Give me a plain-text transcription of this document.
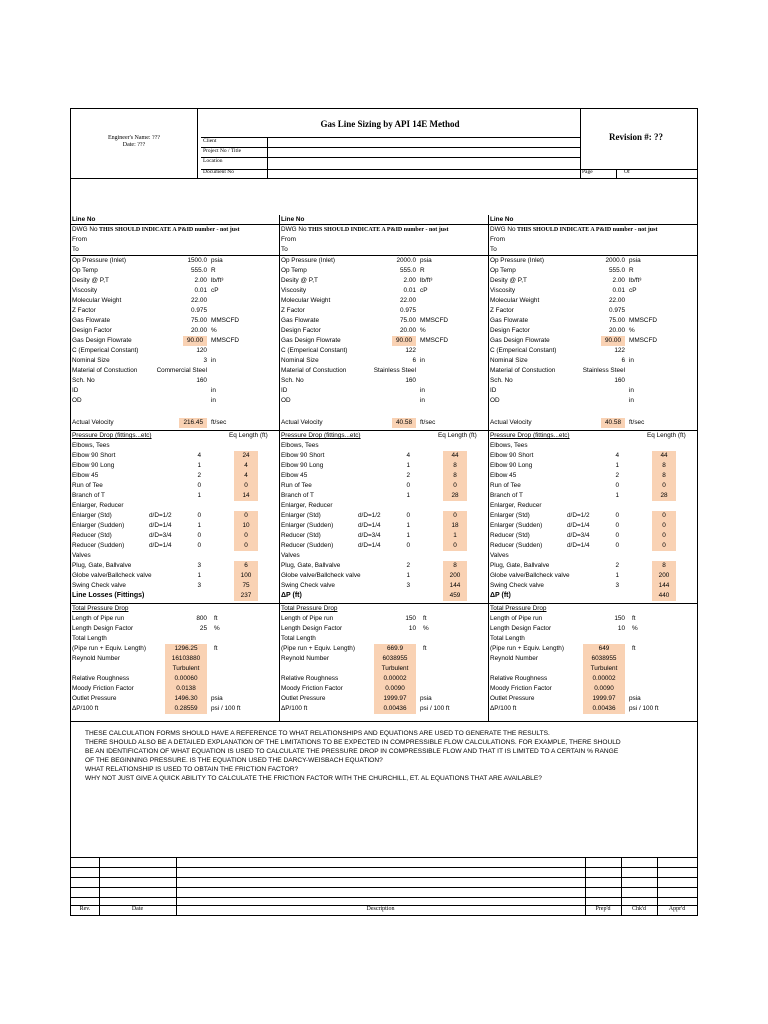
Engineer's Name: ???
Date: ???
Gas Line Sizing by API 14E Method
Revision #: ??
Client
Project No / Title
Location
Document No	Page	Of
Line No
DWG No THIS SHOULD INDICATE A P&ID number - not just
From
To
Op Pressure (Inlet)	1500.0 psia
Op Temp	555.0 R
Desity @ P,T	2.00 lb/ft³
Viscosity	0.01 cP
Molecular Weight	22.00
Z Factor	0.975
Gas Flowrate	75.00 MMSCFD
Design Factor	20.00 %
Gas Design Flowrate	90.00	MMSCFD
C (Emperical Constant)	120
Nominal Size	3 in
Material of Constuction	Commercial Steel
Sch. No	160
ID	in
OD	in
Actual Velocity	216.45	ft/sec
Pressure Drop (fittings...etc)	Eq Length (ft)
Elbows, Tees
Elbow 90 Short	4	24
Elbow 90 Long	1	4
Elbow 45	2	4
Run of Tee	0	0
Branch of T	1	14
Enlarger, Reducer
Enlarger (Std)	d/D=1/2	0	0
Enlarger (Sudden)	d/D=1/4	1	10
Reducer (Std)	d/D=3/4	0	0
Reducer (Sudden)	d/D=1/4	0	0
Valves
Plug, Gate, Ballvalve	3	6
Globe valve/Ballcheck valve	1	100
Swing Check valve	3	75
Line Losses (Fittings)	237
Total Pressure Drop
Length of Pipe run	800 ft
Length Design Factor	25 %
Total Length
(Pipe run + Equiv. Length)	1296.25	ft
Reynold Number	16103880
Turbulent
Relative Roughness	0.00060
Moody Friction Factor	0.0138
Outlet Pressure	1496.30	psia
ΔP/100 ft	0.28559	psi / 100 ft
Line No
DWG No THIS SHOULD INDICATE A P&ID number - not just
From
To
Op Pressure (Inlet)	2000.0 psia
Op Temp	555.0 R
Desity @ P,T	2.00 lb/ft³
Viscosity	0.01 cP
Molecular Weight	22.00
Z Factor	0.975
Gas Flowrate	75.00 MMSCFD
Design Factor	20.00 %
Gas Design Flowrate	90.00	MMSCFD
C (Emperical Constant)	122
Nominal Size	6 in
Material of Constuction	Stainless Steel
Sch. No	160
ID	in
OD	in
Actual Velocity	40.58	ft/sec
Pressure Drop (fittings...etc)	Eq Length (ft)
Elbows, Tees
Elbow 90 Short	4	44
Elbow 90 Long	1	8
Elbow 45	2	8
Run of Tee	0	0
Branch of T	1	28
Enlarger, Reducer
Enlarger (Std)	d/D=1/2	0	0
Enlarger (Sudden)	d/D=1/4	1	18
Reducer (Std)	d/D=3/4	1	1
Reducer (Sudden)	d/D=1/4	0	0
Valves
Plug, Gate, Ballvalve	2	8
Globe valve/Ballcheck valve	1	200
Swing Check valve	3	144
ΔP (ft)	459
Total Pressure Drop
Length of Pipe run	150 ft
Length Design Factor	10 %
Total Length
(Pipe run + Equiv. Length)	669.9	ft
Reynold Number	6038955
Turbulent
Relative Roughness	0.00002
Moody Friction Factor	0.0090
Outlet Pressure	1999.97	psia
ΔP/100 ft	0.00436	psi / 100 ft
Line No
DWG No THIS SHOULD INDICATE A P&ID number - not just
From
To
Op Pressure (Inlet)	2000.0 psia
Op Temp	555.0 R
Desity @ P,T	2.00 lb/ft³
Viscosity	0.01 cP
Molecular Weight	22.00
Z Factor	0.975
Gas Flowrate	75.00 MMSCFD
Design Factor	20.00 %
Gas Design Flowrate	90.00	MMSCFD
C (Emperical Constant)	122
Nominal Size	6 in
Material of Constuction	Stainless Steel
Sch. No	160
ID	in
OD	in
Actual Velocity	40.58	ft/sec
Pressure Drop (fittings...etc)	Eq Length (ft)
Elbows, Tees
Elbow 90 Short	4	44
Elbow 90 Long	1	8
Elbow 45	2	8
Run of Tee	0	0
Branch of T	1	28
Enlarger, Reducer
Enlarger (Std)	d/D=1/2	0	0
Enlarger (Sudden)	d/D=1/4	0	0
Reducer (Std)	d/D=3/4	0	0
Reducer (Sudden)	d/D=1/4	0	0
Valves
Plug, Gate, Ballvalve	2	8
Globe valve/Ballcheck valve	1	200
Swing Check valve	3	144
ΔP (ft)	440
Total Pressure Drop
Length of Pipe run	150 ft
Length Design Factor	10 %
Total Length
(Pipe run + Equiv. Length)	649	ft
Reynold Number	6038955
Turbulent
Relative Roughness	0.00002
Moody Friction Factor	0.0090
Outlet Pressure	1999.97	psia
ΔP/100 ft	0.00436	psi / 100 ft
THESE CALCULATION FORMS SHOULD HAVE A REFERENCE TO WHAT RELATIONSHIPS AND EQUATIONS ARE USED TO GENERATE THE RESULTS.
THERE SHOULD ALSO BE A DETAILED EXPLANATION OF THE LIMITATIONS TO BE EXPECTED IN COMPRESSIBLE FLOW CALCULATIONS. FOR EXAMPLE, THERE SHOULD
BE AN IDENTIFICATION OF WHAT EQUATION IS USED TO CALCULATE THE PRESSURE DROP IN COMPRESSIBLE FLOW AND THAT IT IS LIMITED TO A CERTAIN % RANGE
OF THE BEGINNING PRESSURE. IS THE EQUATION USED THE DARCY-WEISBACH EQUATION?
WHAT RELATIONSHIP IS USED TO OBTAIN THE FRICTION FACTOR?
WHY NOT JUST GIVE A QUICK ABILITY TO CALCULATE THE FRICTION FACTOR WITH THE CHURCHILL, ET. AL EQUATIONS THAT ARE AVAILABLE?
Rev.	Date	Description	Prep'd	Chk'd	Appr'd
